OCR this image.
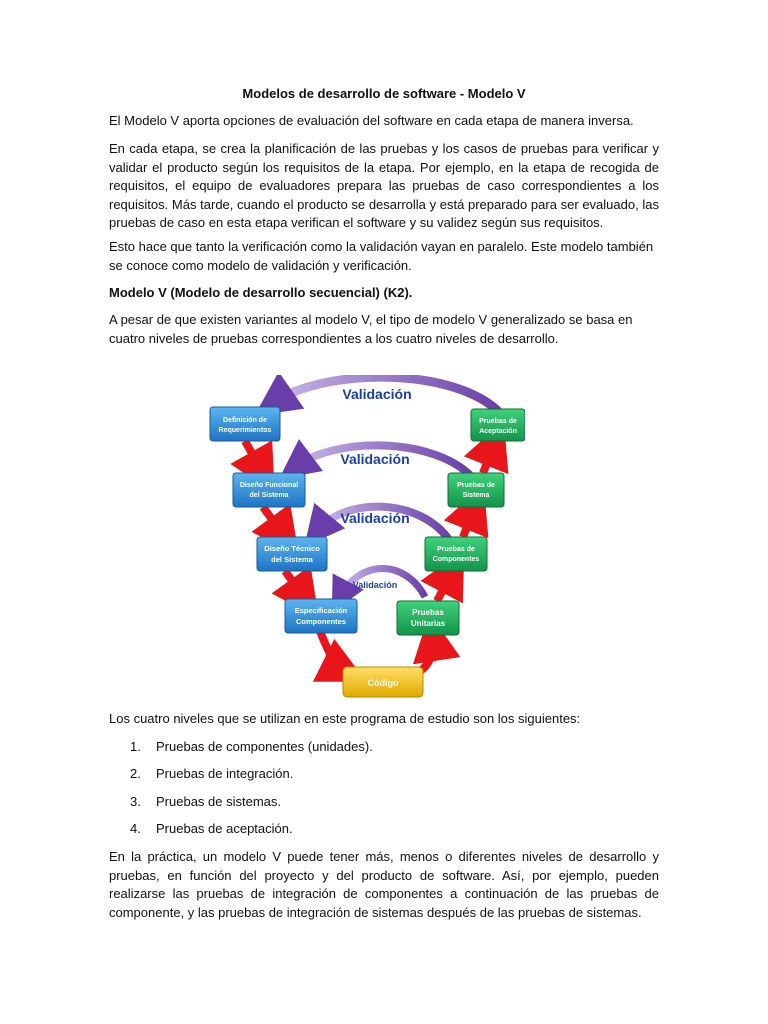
Modelos de desarrollo de software - Modelo V

El Modelo V aporta opciones de evaluación del software en cada etapa de manera inversa.

En cada etapa, se crea la planificación de las pruebas y los casos de pruebas para verificar y validar el producto según los requisitos de la etapa. Por ejemplo, en la etapa de recogida de requisitos, el equipo de evaluadores prepara las pruebas de caso correspondientes a los requisitos. Más tarde, cuando el producto se desarrolla y está preparado para ser evaluado, las pruebas de caso en esta etapa verifican el software y su validez según sus requisitos.

Esto hace que tanto la verificación como la validación vayan en paralelo. Este modelo también se conoce como modelo de validación y verificación.

Modelo V (Modelo de desarrollo secuencial) (K2).

A pesar de que existen variantes al modelo V, el tipo de modelo V generalizado se basa en cuatro niveles de pruebas correspondientes a los cuatro niveles de desarrollo.

Validación
Validación
Validación
Validación
Definición de
Requerimientos
Diseño Funcional
del Sistema
Diseño Técnico
del Sistema
Especificación
Componentes
Pruebas de
Aceptación
Pruebas de
Sistema
Pruebas de
Componentes
Pruebas
Unitarias
Código

Los cuatro niveles que se utilizan en este programa de estudio son los siguientes:

1. Pruebas de componentes (unidades).
2. Pruebas de integración.
3. Pruebas de sistemas.
4. Pruebas de aceptación.

En la práctica, un modelo V puede tener más, menos o diferentes niveles de desarrollo y pruebas, en función del proyecto y del producto de software. Así, por ejemplo, pueden realizarse las pruebas de integración de componentes a continuación de las pruebas de componente, y las pruebas de integración de sistemas después de las pruebas de sistemas.
